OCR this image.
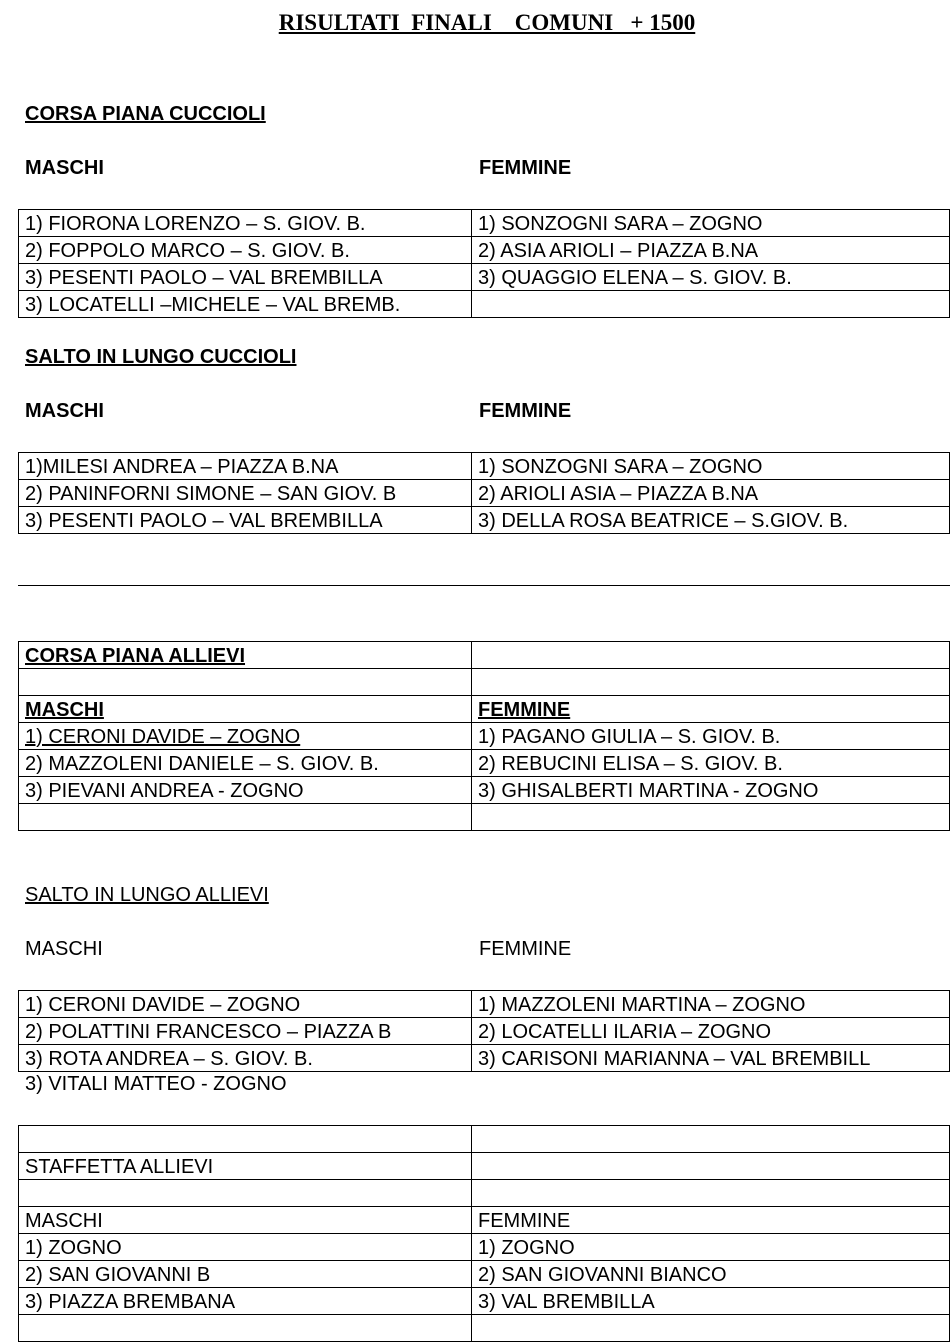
RISULTATI  FINALI    COMUNI   + 1500
CORSA PIANA CUCCIOLI
MASCHI	FEMMINE
1) FIORONA LORENZO – S. GIOV. B.	1) SONZOGNI SARA – ZOGNO
2) FOPPOLO MARCO – S. GIOV. B.	2) ASIA ARIOLI – PIAZZA B.NA
3) PESENTI PAOLO – VAL BREMBILLA	3) QUAGGIO ELENA – S. GIOV. B.
3) LOCATELLI –MICHELE – VAL BREMB.	
SALTO IN LUNGO CUCCIOLI
MASCHI	FEMMINE
1)MILESI ANDREA – PIAZZA B.NA	1) SONZOGNI SARA – ZOGNO
2) PANINFORNI SIMONE – SAN GIOV. B	2) ARIOLI ASIA – PIAZZA B.NA
3) PESENTI PAOLO – VAL BREMBILLA	3) DELLA ROSA BEATRICE – S.GIOV. B.
CORSA PIANA ALLIEVI	

MASCHI	FEMMINE
1) CERONI DAVIDE – ZOGNO	1) PAGANO GIULIA – S. GIOV. B.
2) MAZZOLENI DANIELE – S. GIOV. B.	2) REBUCINI ELISA – S. GIOV. B.
3) PIEVANI ANDREA - ZOGNO	3) GHISALBERTI MARTINA - ZOGNO

SALTO IN LUNGO ALLIEVI
MASCHI	FEMMINE
1) CERONI DAVIDE – ZOGNO	1) MAZZOLENI MARTINA – ZOGNO
2) POLATTINI FRANCESCO – PIAZZA B	2) LOCATELLI ILARIA – ZOGNO
3) ROTA ANDREA – S. GIOV. B.	3) CARISONI MARIANNA – VAL BREMBILL
3) VITALI MATTEO - ZOGNO

STAFFETTA ALLIEVI	

MASCHI	FEMMINE
1) ZOGNO	1) ZOGNO
2) SAN GIOVANNI B	2) SAN GIOVANNI BIANCO
3) PIAZZA BREMBANA	3) VAL BREMBILLA
